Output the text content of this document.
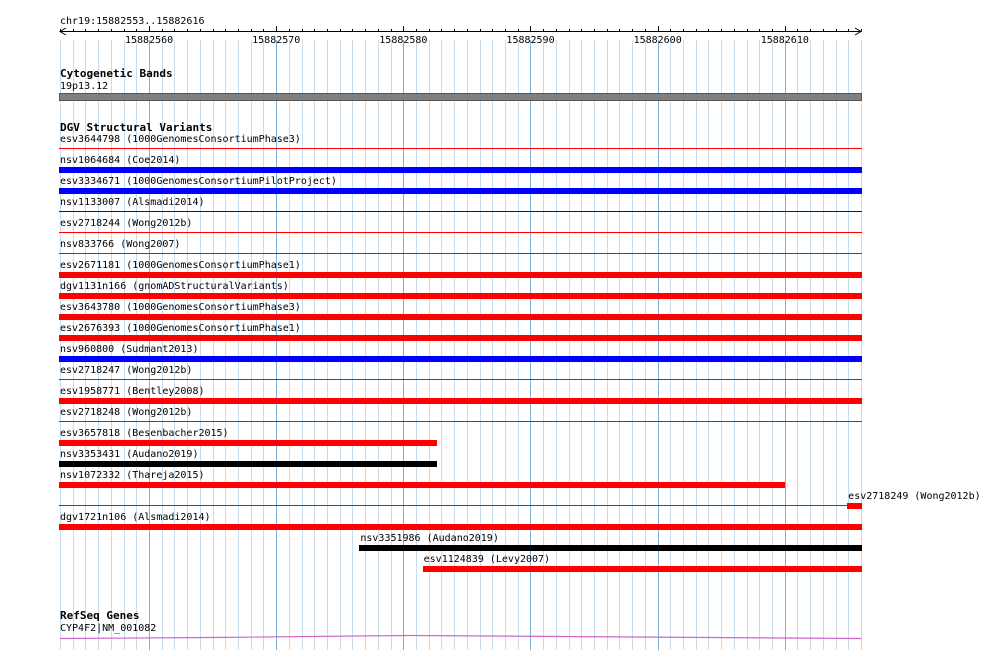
chr19:15882553..15882616
15882560	15882570	15882580	15882590	15882600	15882610
Cytogenetic Bands
19p13.12
DGV Structural Variants
esv3644798 (1000GenomesConsortiumPhase3)
nsv1064684 (Coe2014)
esv3334671 (1000GenomesConsortiumPilotProject)
nsv1133007 (Alsmadi2014)
esv2718244 (Wong2012b)
nsv833766 (Wong2007)
esv2671181 (1000GenomesConsortiumPhase1)
dgv1131n166 (gnomADStructuralVariants)
esv3643780 (1000GenomesConsortiumPhase3)
esv2676393 (1000GenomesConsortiumPhase1)
nsv960800 (Sudmant2013)
esv2718247 (Wong2012b)
esv1958771 (Bentley2008)
esv2718248 (Wong2012b)
esv3657818 (Besenbacher2015)
nsv3353431 (Audano2019)
nsv1072332 (Thareja2015)
esv2718249 (Wong2012b)
dgv1721n106 (Alsmadi2014)
nsv3351986 (Audano2019)
esv1124839 (Levy2007)
RefSeq Genes
CYP4F2|NM_001082
